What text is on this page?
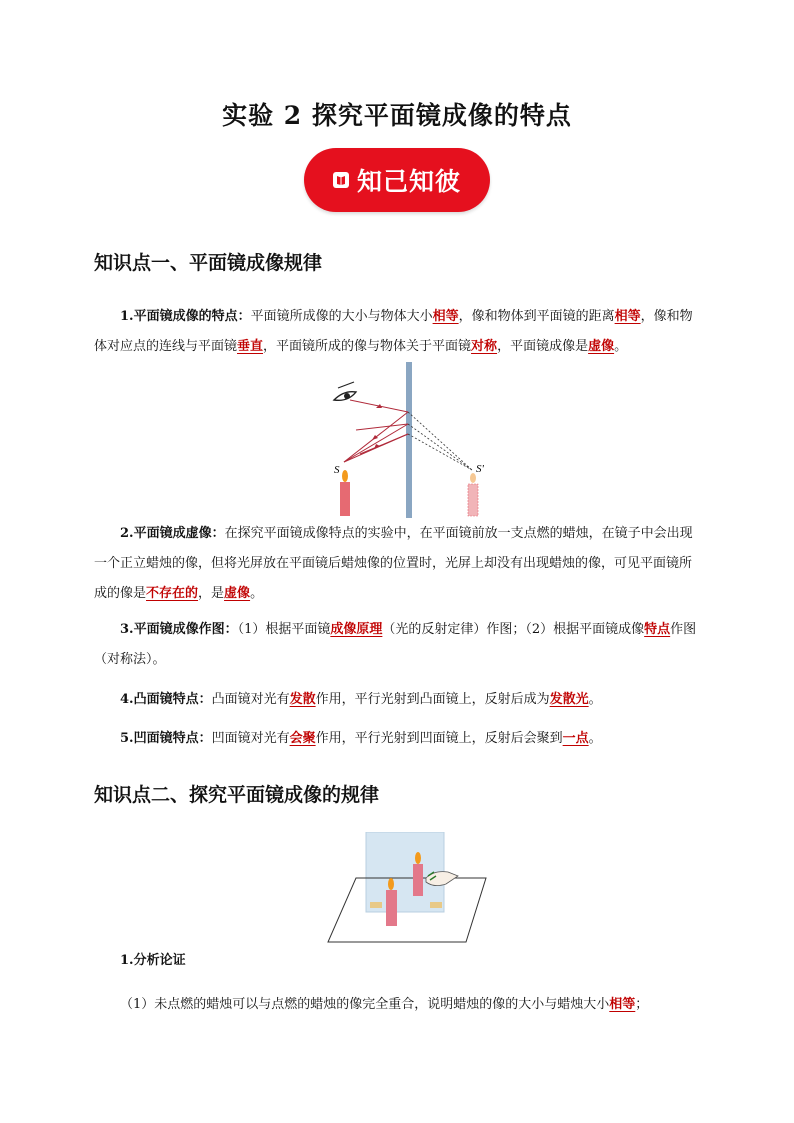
实验 2 探究平面镜成像的特点
知己知彼
知识点一、平面镜成像规律
1.平面镜成像的特点：平面镜所成像的大小与物体大小相等，像和物体到平面镜的距离相等，像和物体对应点的连线与平面镜垂直，平面镜所成的像与物体关于平面镜对称，平面镜成像是虚像。
S	S'
2.平面镜成虚像：在探究平面镜成像特点的实验中，在平面镜前放一支点燃的蜡烛，在镜子中会出现一个正立蜡烛的像，但将光屏放在平面镜后蜡烛像的位置时，光屏上却没有出现蜡烛的像，可见平面镜所成的像是不存在的，是虚像。
3.平面镜成像作图：（1）根据平面镜成像原理（光的反射定律）作图；（2）根据平面镜成像特点作图（对称法）。
4.凸面镜特点：凸面镜对光有发散作用，平行光射到凸面镜上，反射后成为发散光。
5.凹面镜特点：凹面镜对光有会聚作用，平行光射到凹面镜上，反射后会聚到一点。
知识点二、探究平面镜成像的规律
1.分析论证
（1）未点燃的蜡烛可以与点燃的蜡烛的像完全重合，说明蜡烛的像的大小与蜡烛大小相等；
